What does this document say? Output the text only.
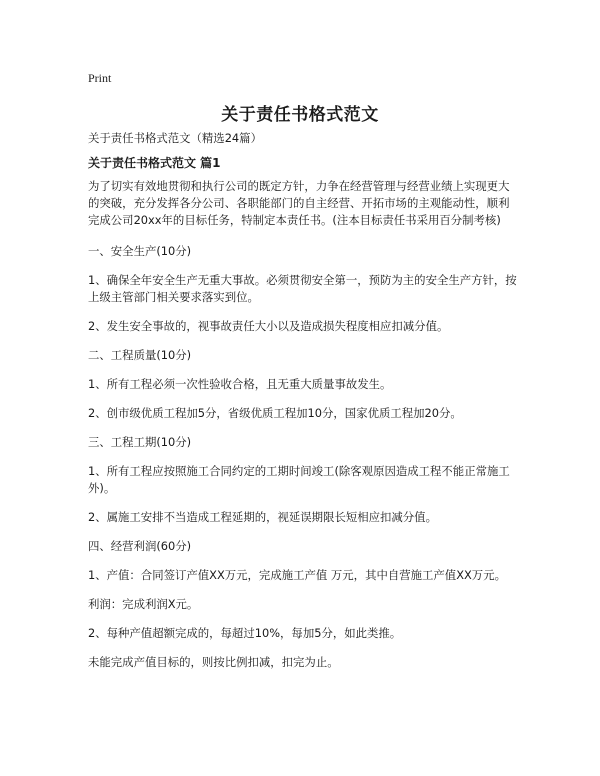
Print
关于责任书格式范文

关于责任书格式范文（精选24篇）

关于责任书格式范文 篇1

为了切实有效地贯彻和执行公司的既定方针，力争在经营管理与经营业绩上实现更大的突破，充分发挥各分公司、各职能部门的自主经营、开拓市场的主观能动性，顺利完成公司20xx年的目标任务，特制定本责任书。(注本目标责任书采用百分制考核)

一、安全生产(10分)

1、确保全年安全生产无重大事故。必须贯彻安全第一，预防为主的安全生产方针，按上级主管部门相关要求落实到位。

2、发生安全事故的，视事故责任大小以及造成损失程度相应扣减分值。

二、工程质量(10分)

1、所有工程必须一次性验收合格，且无重大质量事故发生。

2、创市级优质工程加5分，省级优质工程加10分，国家优质工程加20分。

三、工程工期(10分)

1、所有工程应按照施工合同约定的工期时间竣工(除客观原因造成工程不能正常施工外)。

2、属施工安排不当造成工程延期的，视延误期限长短相应扣减分值。

四、经营利润(60分)

1、产值：合同签订产值XX万元，完成施工产值 万元，其中自营施工产值XX万元。

利润：完成利润X元。

2、每种产值超额完成的，每超过10%，每加5分，如此类推。

未能完成产值目标的，则按比例扣减，扣完为止。
